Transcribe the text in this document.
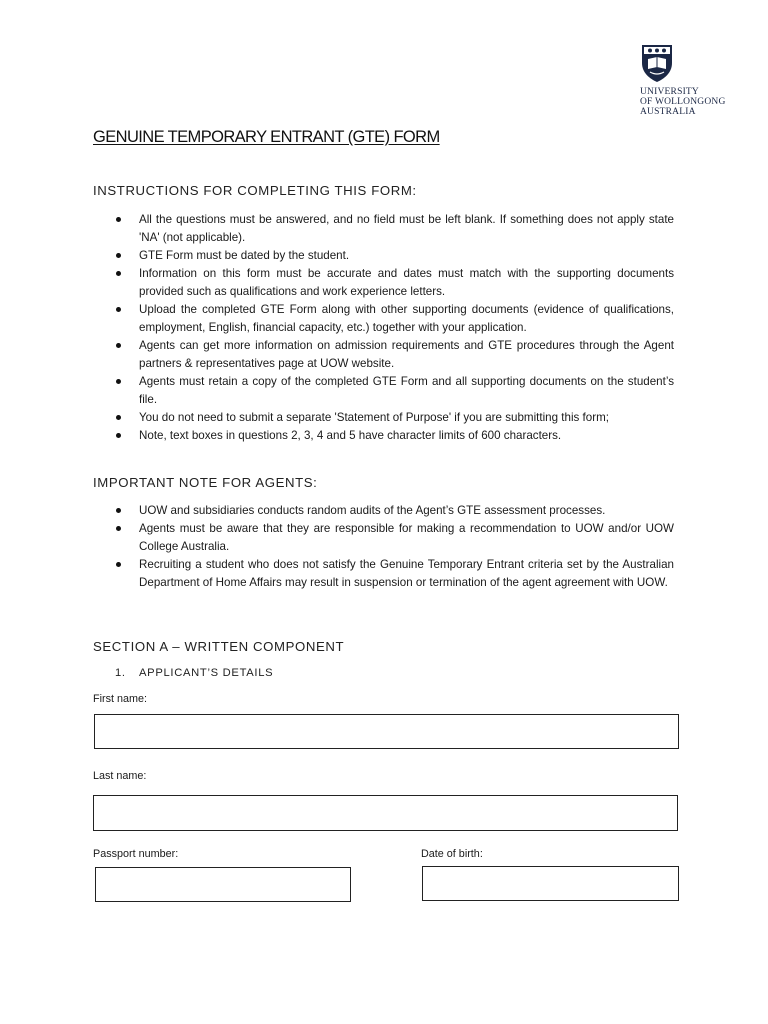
UNIVERSITY
OF WOLLONGONG
AUSTRALIA
GENUINE TEMPORARY ENTRANT (GTE) FORM
INSTRUCTIONS FOR COMPLETING THIS FORM:
All the questions must be answered, and no field must be left blank. If something does not apply state 'NA' (not applicable).
GTE Form must be dated by the student.
Information on this form must be accurate and dates must match with the supporting documents provided such as qualifications and work experience letters.
Upload the completed GTE Form along with other supporting documents (evidence of qualifications, employment, English, financial capacity, etc.) together with your application.
Agents can get more information on admission requirements and GTE procedures through the Agent partners & representatives page at UOW website.
Agents must retain a copy of the completed GTE Form and all supporting documents on the student’s file.
You do not need to submit a separate 'Statement of Purpose' if you are submitting this form;
Note, text boxes in questions 2, 3, 4 and 5 have character limits of 600 characters.
IMPORTANT NOTE FOR AGENTS:
UOW and subsidiaries conducts random audits of the Agent’s GTE assessment processes.
Agents must be aware that they are responsible for making a recommendation to UOW and/or UOW College Australia.
Recruiting a student who does not satisfy the Genuine Temporary Entrant criteria set by the Australian Department of Home Affairs may result in suspension or termination of the agent agreement with UOW.
SECTION A – WRITTEN COMPONENT
1. APPLICANT’S DETAILS
First name:
Last name:
Passport number:	Date of birth:
